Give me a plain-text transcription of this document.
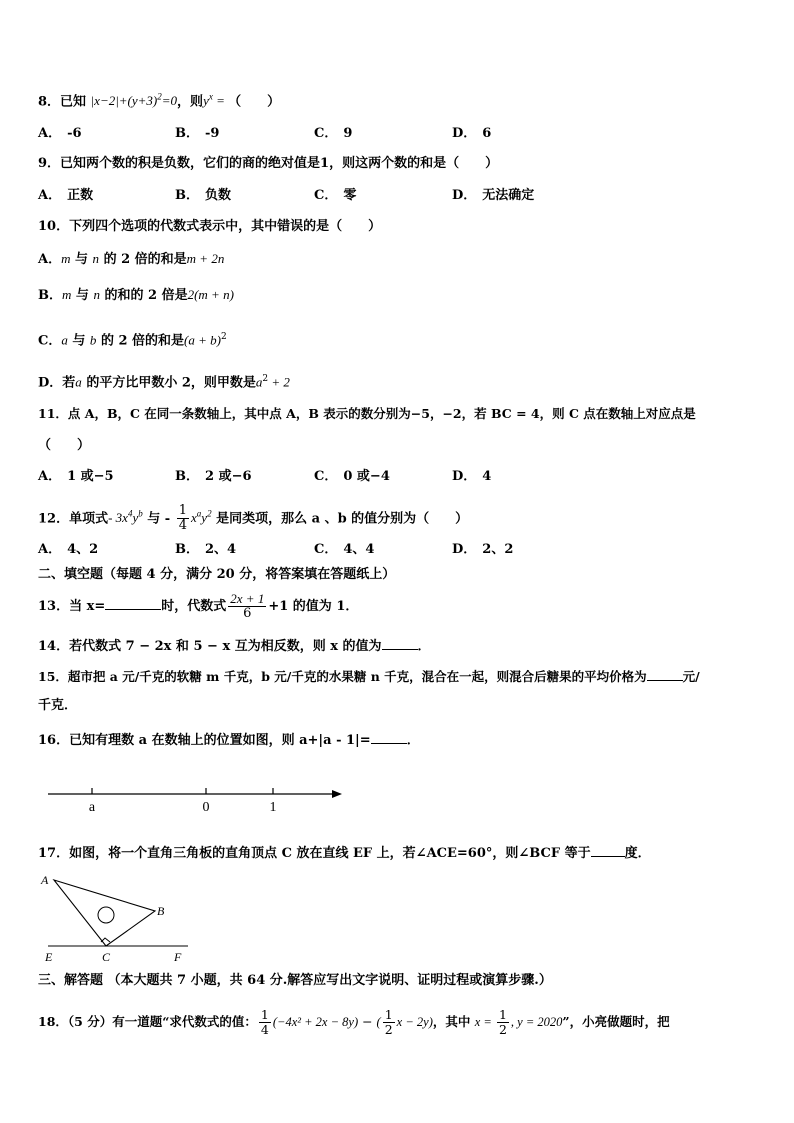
8．已知 $|x-2|+(y+3)^2=0$，则$y^x$ = （　　）
A． -6	B． -9	C． 9	D． 6
9．已知两个数的积是负数，它们的商的绝对值是1，则这两个数的和是（　　）
A． 正数	B． 负数	C． 零	D． 无法确定
10．下列四个选项的代数式表示中，其中错误的是（　　）
A．m 与 n 的 2 倍的和是m + 2n
B．m 与 n 的和的 2 倍是2(m + n)
C．a 与 b 的 2 倍的和是$(a + b)^2$
D．若a 的平方比甲数小 2，则甲数是$a^2 + 2$
11．点 A，B，C 在同一条数轴上，其中点 A，B 表示的数分别为−5，−2，若 BC = 4，则 C 点在数轴上对应点是
（　　）
A． 1 或−5	B． 2 或−6	C． 0 或−4	D． 4
12．单项式- $3x^4y^b$ 与 - $\frac{1}{4} x^ay^2$ 是同类项，那么 a 、b 的值分别为（　　）
A． 4、2	B． 2、4	C． 4、4	D． 2、2
二、填空题（每题 4 分，满分 20 分，将答案填在答题纸上）
13．当 x=	时，代数式 $\frac{2x + 1}{6} +1$ 的值为 1．
14．若代数式 7 − 2x 和 5 − x 互为相反数，则 x 的值为	．
15．超市把 a 元/千克的软糖 m 千克，b 元/千克的水果糖 n 千克，混合在一起，则混合后糖果的平均价格为	元/
千克．
16．已知有理数 a 在数轴上的位置如图，则 a+|a - 1|=	．
a	0	1
17．如图，将一个直角三角板的直角顶点 C 放在直线 EF 上，若∠ACE=60°，则∠BCF 等于	度．
A
B
C
E	F
三、解答题 （本大题共 7 小题，共 64 分.解答应写出文字说明、证明过程或演算步骤.）
18．（5 分）有一道题“求代数式的值： $\frac{1}{4} (-4x^2 + 2x - 8y)$ − ( $\frac{1}{2}$ x − 2y)，其中 $x = \frac{1}{2}$ , y = 2020”，小亮做题时，把
